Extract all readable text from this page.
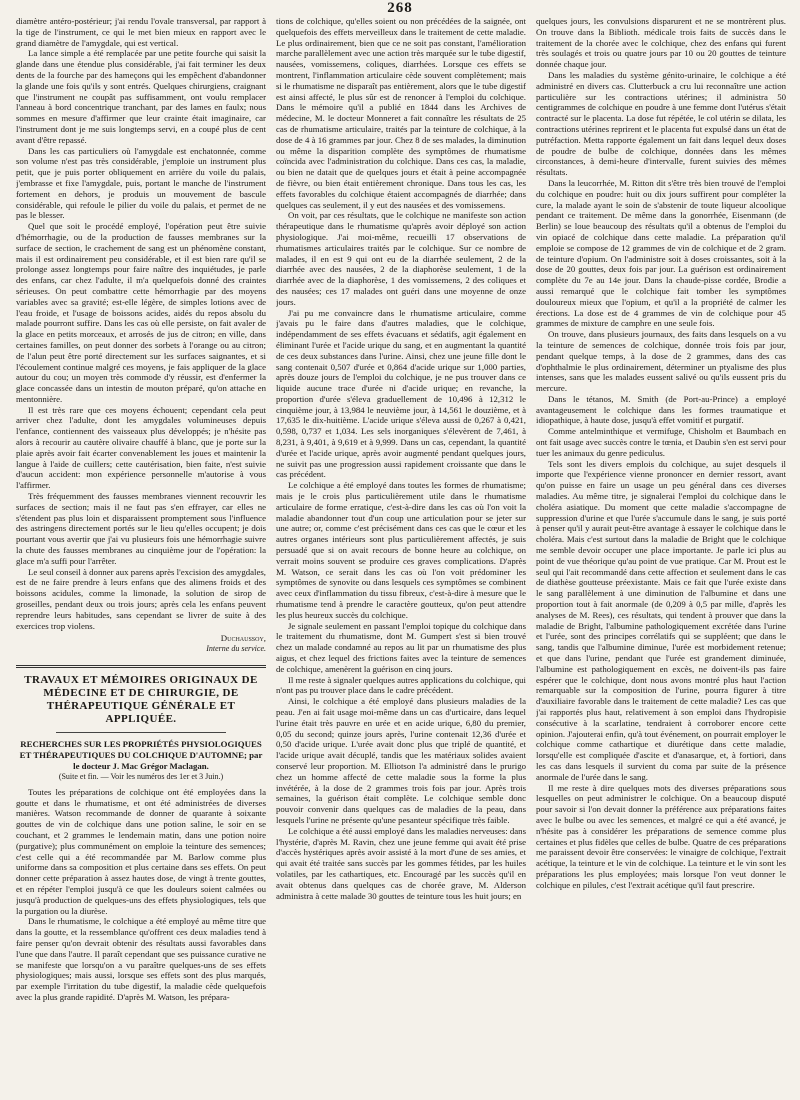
268

diamètre antéro-postérieur; j'ai rendu l'ovale transversal, par rapport à la tige de l'instrument, ce qui le met bien mieux en rapport avec le grand diamètre de l'amygdale, qui est vertical.

La lance simple a été remplacée par une petite fourche qui saisit la glande dans une étendue plus considérable, j'ai fait terminer les deux dents de la fourche par des hameçons qui les empêchent d'abandonner la glande une fois qu'ils y sont entrés. Quelques chirurgiens, craignant que l'instrument ne coupât pas suffisamment, ont voulu remplacer l'anneau à bord concentrique tranchant, par des lames en faulx; nous sommes en mesure d'affirmer que leur crainte était imaginaire, car l'instrument dont je me suis longtemps servi, en a coupé plus de cent avant d'être repassé.

Dans les cas particuliers où l'amygdale est enchatonnée, comme son volume n'est pas très considérable, j'emploie un instrument plus petit, que je puis porter obliquement en arrière du voile du palais, j'embrasse et fixe l'amygdale, puis, portant le manche de l'instrument fortement en dehors, je produis un mouvement de bascule considérable, qui refoule le pilier du voile du palais, et permet de ne pas le blesser.

Quel que soit le procédé employé, l'opération peut être suivie d'hémorrhagie, ou de la production de fausses membranes sur la surface de section, le crachement de sang est un phénomène constant, mais il est ordinairement peu considérable, et il est bien rare qu'il se prolonge assez longtemps pour faire naître des inquiétudes, je parle des enfans, car chez l'adulte, il m'a quelquefois donné des craintes sérieuses. On peut combattre cette hémorrhagie par des moyens variables avec sa gravité; est-elle légère, de simples lotions avec de l'eau froide, et l'usage de boissons acides, aidés du repos absolu du malade pourront suffire. Dans les cas où elle persiste, on fait avaler de la glace en petits morceaux, et arrosés de jus de citron; en ville, dans certaines familles, on peut donner des sorbets à l'orange ou au citron; de l'alun peut être porté directement sur les surfaces saignantes, et si l'écoulement continue malgré ces moyens, je fais appliquer de la glace autour du cou; un moyen très commode d'y réussir, est d'enfermer la glace concassée dans un intestin de mouton préparé, qu'on attache en mentonnière.

Il est très rare que ces moyens échouent; cependant cela peut arriver chez l'adulte, dont les amygdales volumineuses depuis l'enfance, contiennent des vaisseaux plus développés; je n'hésite pas alors à recourir au cautère olivaire chauffé à blanc, que je porte sur la plaie après avoir fait écarter convenablement les joues et maintenir la langue à l'aide de cuillers; cette cautérisation, bien faite, n'est suivie d'aucun accident: mon expérience personnelle m'autorise à vous l'affirmer.

Très fréquemment des fausses membranes viennent recouvrir les surfaces de section; mais il ne faut pas s'en effrayer, car elles ne s'étendent pas plus loin et disparaissent promptement sous l'influence des astringens directement portés sur le lieu qu'elles occupent; je dois pourtant vous avertir que j'ai vu plusieurs fois une hémorrhagie suivre la chute des fausses membranes au cinquième jour de l'opération: la glace m'a suffi pour l'arrêter.

Le seul conseil à donner aux parens après l'excision des amygdales, est de ne faire prendre à leurs enfans que des alimens froids et des boissons acidules, comme la limonade, la solution de sirop de groseilles, pendant deux ou trois jours; après cela les enfans peuvent reprendre leurs habitudes, sans cependant se livrer de suite à des exercices trop violens.

Duchaussoy,
Interne du service.
TRAVAUX ET MÉMOIRES ORIGINAUX DE MÉDECINE ET DE CHIRURGIE, DE THÉRAPEUTIQUE GÉNÉRALE ET APPLIQUÉE.
RECHERCHES SUR LES PROPRIÉTÉS PHYSIOLOGIQUES ET THÉRAPEUTIQUES DU COLCHIQUE D'AUTOMNE; par le docteur J. Mac Grégor Maclagan.
(Suite et fin. — Voir les numéros des 1er et 3 Juin.)

Toutes les préparations de colchique ont été employées dans la goutte et dans le rhumatisme, et ont été administrées de diverses manières. Watson recommande de donner de quarante à soixante gouttes de vin de colchique dans une potion saline, le soir en se couchant, et 2 grammes le lendemain matin, dans une potion noire (purgative); plus communément on emploie la teinture des semences; c'est celle qui a été recommandée par M. Barlow comme plus uniforme dans sa composition et plus certaine dans ses effets. On peut donner cette préparation à assez hautes dose, de vingt à trente gouttes, et en répéter l'emploi jusqu'à ce que les douleurs soient calmées ou jusqu'à production de quelques-uns des effets physiologiques, tels que la purgation ou la diurèse.

Dans le rhumatisme, le colchique a été employé au même titre que dans la goutte, et la ressemblance qu'offrent ces deux maladies tend à faire penser qu'on devrait obtenir des résultats aussi favorables dans l'une que dans l'autre. Il paraît cependant que ses puissance curative ne se manifeste que lorsqu'on a vu paraître quelques-uns de ses effets physiologiques; mais aussi, lorsque ses effets sont des plus marqués, par exemple l'irritation du tube digestif, la maladie cède quelquefois avec la plus grande rapidité. D'après M. Watson, les prépara-

tions de colchique, qu'elles soient ou non précédées de la saignée, ont quelquefois des effets merveilleux dans le traitement de cette maladie. Le plus ordinairement, bien que ce ne soit pas constant, l'amélioration marche parallèlement avec une action très marquée sur le tube digestif, nausées, vomissemens, coliques, diarrhées. Lorsque ces effets se montrent, l'inflammation articulaire cède souvent complètement; mais si le rhumatisme ne disparaît pas entièrement, alors que le tube digestif est ainsi affecté, le plus sûr est de renoncer à l'emploi du colchique. Dans le mémoire qu'il a publié en 1844 dans les Archives de médecine, M. le docteur Monneret a fait connaître les résultats de 25 cas de rhumatisme articulaire, traités par la teinture de colchique, à la dose de 4 à 16 grammes par jour. Chez 8 de ses malades, la diminution ou même la disparition complète des symptômes de rhumatisme coïncida avec l'administration du colchique. Dans ces cas, la maladie, ou bien ne datait que de quelques jours et était à peine accompagnée de fièvre, ou bien était entièrement chronique. Dans tous les cas, les effets favorables du colchique étaient accompagnés de diarrhée; dans quelques cas seulement, il y eut des nausées et des vomissemens.

On voit, par ces résultats, que le colchique ne manifeste son action thérapeutique dans le rhumatisme qu'après avoir déployé son action physiologique. J'ai moi-même, recueilli 17 observations de rhumatismes articulaires traités par le colchique. Sur ce nombre de malades, il en est 9 qui ont eu de la diarrhée seulement, 2 de la diarrhée avec des nausées, 2 de la diaphorèse seulement, 1 de la diarrhée avec de la diaphorèse, 1 des vomissemens, 2 des coliques et des nausées; ces 17 malades ont guéri dans une moyenne de onze jours.

J'ai pu me convaincre dans le rhumatisme articulaire, comme j'avais pu le faire dans d'autres maladies, que le colchique, indépendamment de ses effets évacuans et sédatifs, agit également en éliminant l'urée et l'acide urique du sang, et en augmentant la quantité de ces deux substances dans l'urine. Ainsi, chez une jeune fille dont le sang contenait 0,507 d'urée et 0,864 d'acide urique sur 1,000 parties, après douze jours de l'emploi du colchique, je ne pus trouver dans ce liquide aucune trace d'urée ni d'acide urique; en revanche, la proportion d'urée s'éleva graduellement de 10,496 à 12,312 le cinquième jour, à 13,984 le neuvième jour, à 14,561 le douzième, et à 17,635 le dix-huitième. L'acide urique s'éleva aussi de 0,267 à 0,421, 0,598, 0,737 et 1,034. Les sels inorganiques s'élevèrent de 7,461, à 8,231, à 9,401, à 9,619 et à 9,999. Dans un cas, cependant, la quantité d'urée et l'acide urique, après avoir augmenté pendant quelques jours, ne suivit pas une progression aussi rapidement croissante que dans le cas précédent.

Le colchique a été employé dans toutes les formes de rhumatisme; mais je le crois plus particulièrement utile dans le rhumatisme articulaire de forme erratique, c'est-à-dire dans les cas où l'on voit la maladie abandonner tout d'un coup une articulation pour se jeter sur une autre; or, comme c'est précisément dans ces cas que le cœur et les autres organes intérieurs sont plus particulièrement affectés, je suis persuadé que si on avait recours de bonne heure au colchique, on verrait moins souvent se produire ces graves complications. D'après M. Watson, ce serait dans les cas où l'on voit prédominer les symptômes de synovite ou dans lesquels ces symptômes se combinent avec ceux d'inflammation du tissu fibreux, c'est-à-dire à mesure que le rhumatisme tend à prendre le caractère goutteux, qu'on peut attendre les plus heureux succès du colchique.

Je signale seulement en passant l'emploi topique du colchique dans le traitement du rhumatisme, dont M. Gumpert s'est si bien trouvé chez un malade condamné au repos au lit par un rhumatisme des plus aigus, et chez lequel des frictions faites avec la teinture de semences de colchique, amenèrent la guérison en cinq jours.

Il me reste à signaler quelques autres applications du colchique, qui n'ont pas pu trouver place dans le cadre précédent.

Ainsi, le colchique a été employé dans plusieurs maladies de la peau. J'en ai fait usage moi-même dans un cas d'urticaire, dans lequel l'urine était très pauvre en urée et en acide urique, 6,80 du premier, 0,05 du second; quinze jours après, l'urine contenait 12,36 d'urée et 0,50 d'acide urique. L'urée avait donc plus que triplé de quantité, et l'acide urique avait décuplé, tandis que les matériaux solides avaient conservé leur proportion. M. Elliotson l'a administré dans le prurigo chez un homme affecté de cette maladie sous la forme la plus invétérée, à la dose de 2 grammes trois fois par jour. Après trois semaines, la guérison était complète. Le colchique semble donc pouvoir convenir dans quelques cas de maladies de la peau, dans lesquels l'urine ne présente qu'une pesanteur spécifique très faible.

Le colchique a été aussi employé dans les maladies nerveuses: dans l'hystérie, d'après M. Ravin, chez une jeune femme qui avait été prise d'accès hystériques après avoir assisté à la mort d'une de ses amies, et qui avait été traitée sans succès par les gommes fétides, par les huiles volatiles, par les cathartiques, etc. Encouragé par les succès qu'il en avait obtenus dans quelques cas de chorée grave, M. Alderson administra à cette malade 30 gouttes de teinture tous les huit jours; en

quelques jours, les convulsions disparurent et ne se montrèrent plus. On trouve dans la Biblioth. médicale trois faits de succès dans le traitement de la chorée avec le colchique, chez des enfans qui furent très soulagés et trois ou quatre jours par 10 ou 20 gouttes de teinture donnée chaque jour.

Dans les maladies du système génito-urinaire, le colchique a été administré en divers cas. Clutterbuck a cru lui reconnaître une action particulière sur les contractions utérines; il administra 50 centigrammes de colchique en poudre à une femme dont l'utérus s'était contracté sur le placenta. La dose fut répétée, le col utérin se dilata, les contractions utérines reprirent et le placenta fut expulsé dans un état de putréfaction. Metta rapporte également un fait dans lequel deux doses de poudre de bulbe de colchique, données dans les mêmes circonstances, à demi-heure d'intervalle, furent suivies des mêmes résultats.

Dans la leucorrhée, M. Ritton dit s'être très bien trouvé de l'emploi du colchique en poudre: huit ou dix jours suffirent pour compléter la cure, la malade ayant le soin de s'abstenir de toute liqueur alcoolique pendant ce traitement. De même dans la gonorrhée, Eisenmann (de Berlin) se loue beaucoup des résultats qu'il a obtenus de l'emploi du vin opiacé de colchique dans cette maladie. La préparation qu'il emploie se compose de 12 grammes de vin de colchique et de 2 gram. de teinture d'opium. On l'administre soit à doses croissantes, soit à la dose de 20 gouttes, deux fois par jour. La guérison est ordinairement complète du 7e au 14e jour. Dans la chaude-pisse cordée, Brodie a aussi remarqué que le colchique fait tomber les symptômes douloureux mieux que l'opium, et qu'il a la propriété de calmer les érections. La dose est de 4 grammes de vin de colchique pour 45 grammes de mixture de camphre en une seule fois.

On trouve, dans plusieurs journaux, des faits dans lesquels on a vu la teinture de semences de colchique, donnée trois fois par jour, pendant quelque temps, à la dose de 2 grammes, dans des cas d'ophthalmie le plus ordinairement, déterminer un ptyalisme des plus intenses, sans que les malades eussent salivé ou qu'ils eussent pris du mercure.

Dans le tétanos, M. Smith (de Port-au-Prince) a employé avantageusement le colchique dans les formes traumatique et idiopathique, à haute dose, jusqu'à effet vomitif et purgatif.

Comme antelminthique et vermifuge, Chisholm et Baumbach en ont fait usage avec succès contre le tœnia, et Daubin s'en est servi pour tuer les animaux du genre pediculus.

Tels sont les divers emplois du colchique, au sujet desquels il importe que l'expérience vienne prononcer en dernier ressort, avant qu'on puisse en faire un usage un peu général dans ces diverses maladies. Au même titre, je signalerai l'emploi du colchique dans le choléra asiatique. Du moment que cette maladie s'accompagne de suppression d'urine et que l'urée s'accumule dans le sang, je suis porté à penser qu'il y aurait peut-être avantage à essayer le colchique dans le choléra. Mais c'est surtout dans la maladie de Bright que le colchique me semble devoir occuper une place importante. Je parle ici plus au point de vue théorique qu'au point de vue pratique. Car M. Prout est le seul qui l'ait recommandé dans cette affection et seulement dans le cas de diathèse goutteuse préexistante. Mais ce fait que l'urée existe dans le sang parallèlement à une diminution de l'albumine et dans une proportion tout à fait anormale (de 0,209 à 0,5 par mille, d'après les analyses de M. Rees), ces résultats, qui tendent à prouver que dans la maladie de Bright, l'albumine pathologiquement excrétée dans l'urine et l'urée, sont des principes corrélatifs qui se suppléent; que dans le sang, tandis que l'albumine diminue, l'urée est morbidement retenue; et que dans l'urine, pendant que l'urée est grandement diminuée, l'albumine est pathologiquement en excès, ne doivent-ils pas faire espérer que le colchique, dont nous avons montré plus haut l'action remarquable sur la composition de l'urine, pourra figurer à titre d'auxiliaire favorable dans le traitement de cette maladie? Les cas que j'ai rapportés plus haut, relativement à son emploi dans l'hydropisie consécutive à la scarlatine, tendraient à corroborer encore cette opinion. J'ajouterai enfin, qu'à tout événement, on pourrait employer le colchique comme cathartique et diurétique dans cette maladie, lorsqu'elle est compliquée d'ascite et d'anasarque, et, à fortiori, dans les cas dans lesquels il survient du coma par suite de la présence anormale de l'urée dans le sang.

Il me reste à dire quelques mots des diverses préparations sous lesquelles on peut administrer le colchique. On a beaucoup disputé pour savoir si l'on devait donner la préférence aux préparations faites avec le bulbe ou avec les semences, et malgré ce qui a été avancé, je n'hésite pas à considérer les préparations de semence comme plus certaines et plus fidèles que celles de bulbe. Quatre de ces préparations me paraissent devoir être conservées: le vinaigre de colchique, l'extrait acétique, la teinture et le vin de colchique. La teinture et le vin sont les préparations les plus employées; mais lorsque l'on veut donner le colchique en pilules, c'est l'extrait acétique qu'il faut prescrire.
